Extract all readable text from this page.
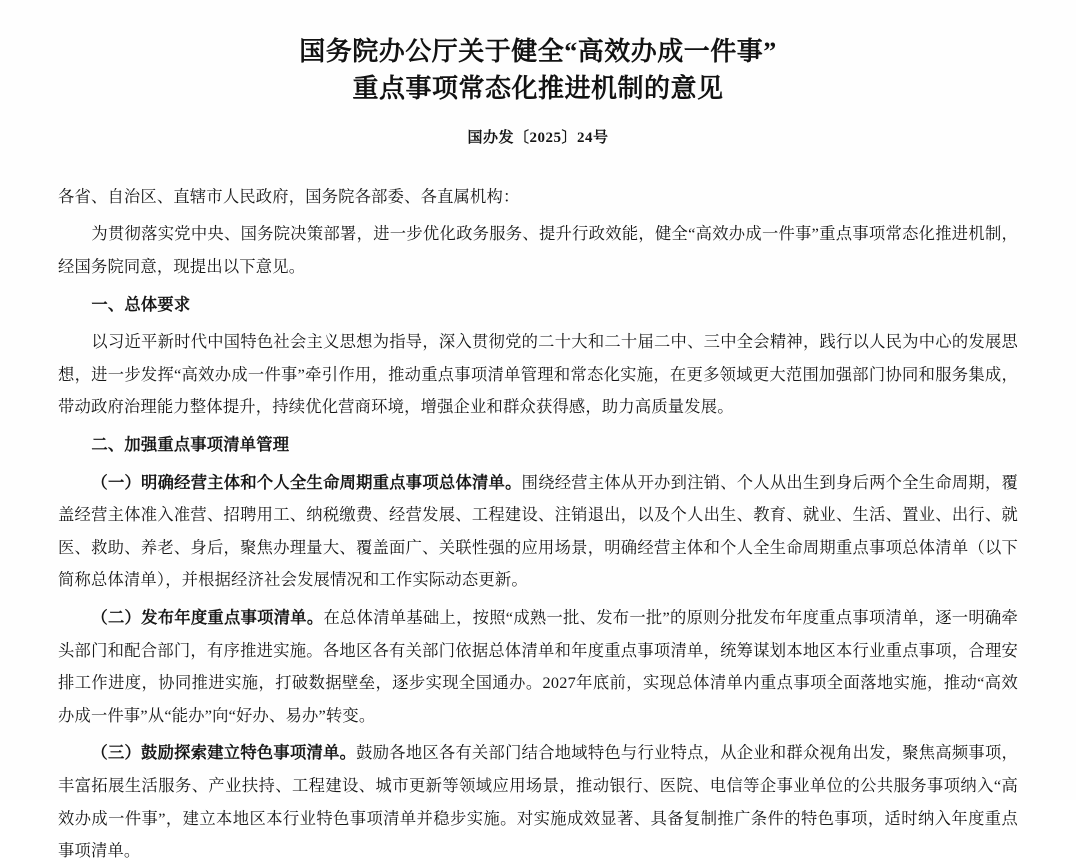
国务院办公厅关于健全“高效办成一件事”
重点事项常态化推进机制的意见
国办发〔2025〕24号

各省、自治区、直辖市人民政府，国务院各部委、各直属机构：

为贯彻落实党中央、国务院决策部署，进一步优化政务服务、提升行政效能，健全“高效办成一件事”重点事项常态化推进机制，经国务院同意，现提出以下意见。

一、总体要求

以习近平新时代中国特色社会主义思想为指导，深入贯彻党的二十大和二十届二中、三中全会精神，践行以人民为中心的发展思想，进一步发挥“高效办成一件事”牵引作用，推动重点事项清单管理和常态化实施，在更多领域更大范围加强部门协同和服务集成，带动政府治理能力整体提升，持续优化营商环境，增强企业和群众获得感，助力高质量发展。

二、加强重点事项清单管理

（一）明确经营主体和个人全生命周期重点事项总体清单。围绕经营主体从开办到注销、个人从出生到身后两个全生命周期，覆盖经营主体准入准营、招聘用工、纳税缴费、经营发展、工程建设、注销退出，以及个人出生、教育、就业、生活、置业、出行、就医、救助、养老、身后，聚焦办理量大、覆盖面广、关联性强的应用场景，明确经营主体和个人全生命周期重点事项总体清单（以下简称总体清单），并根据经济社会发展情况和工作实际动态更新。

（二）发布年度重点事项清单。在总体清单基础上，按照“成熟一批、发布一批”的原则分批发布年度重点事项清单，逐一明确牵头部门和配合部门，有序推进实施。各地区各有关部门依据总体清单和年度重点事项清单，统筹谋划本地区本行业重点事项，合理安排工作进度，协同推进实施，打破数据壁垒，逐步实现全国通办。2027年底前，实现总体清单内重点事项全面落地实施，推动“高效办成一件事”从“能办”向“好办、易办”转变。

（三）鼓励探索建立特色事项清单。鼓励各地区各有关部门结合地域特色与行业特点，从企业和群众视角出发，聚焦高频事项，丰富拓展生活服务、产业扶持、工程建设、城市更新等领域应用场景，推动银行、医院、电信等企事业单位的公共服务事项纳入“高效办成一件事”，建立本地区本行业特色事项清单并稳步实施。对实施成效显著、具备复制推广条件的特色事项，适时纳入年度重点事项清单。
